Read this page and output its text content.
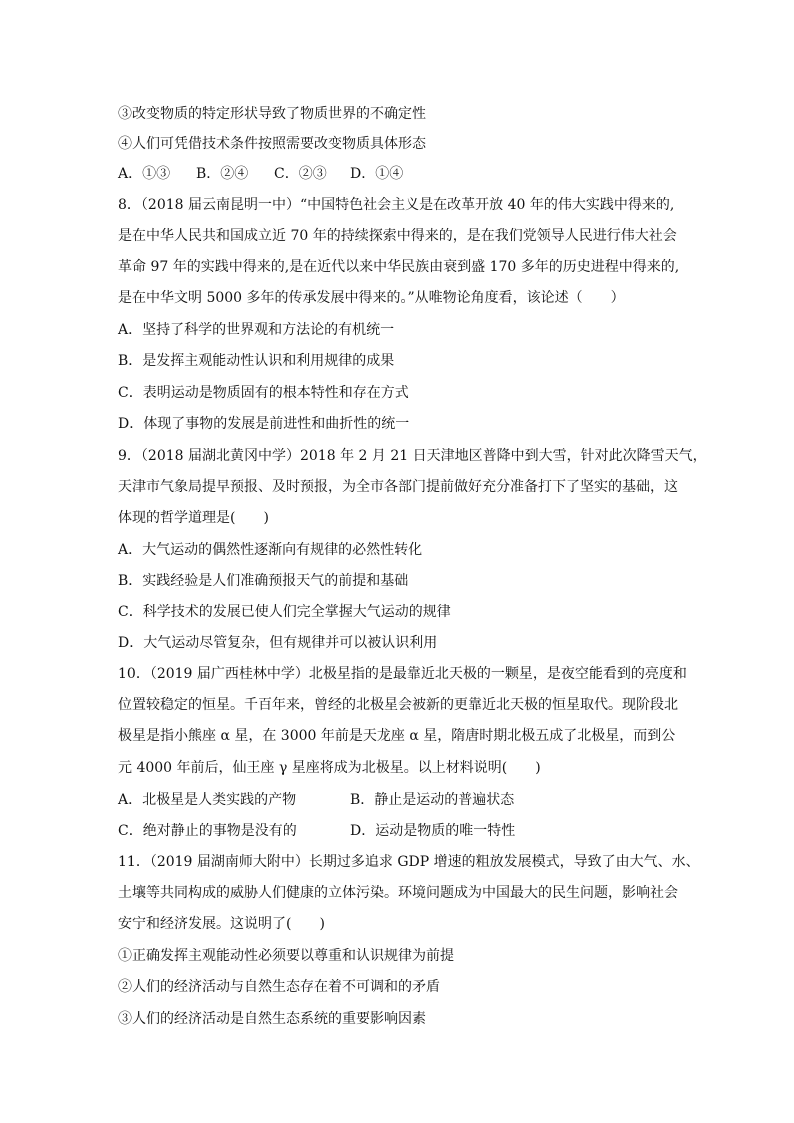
③改变物质的特定形状导致了物质世界的不确定性
④人们可凭借技术条件按照需要改变物质具体形态
A．①③ B．②④ C．②③ D．①④
8．（2018 届云南昆明一中）“中国特色社会主义是在改革开放 40 年的伟大实践中得来的,
是在中华人民共和国成立近 70 年的持续探索中得来的，是在我们党领导人民进行伟大社会
革命 97 年的实践中得来的,是在近代以来中华民族由衰到盛 170 多年的历史进程中得来的,
是在中华文明 5000 多年的传承发展中得来的。”从唯物论角度看，该论述（　　）
A．坚持了科学的世界观和方法论的有机统一
B．是发挥主观能动性认识和利用规律的成果
C．表明运动是物质固有的根本特性和存在方式
D．体现了事物的发展是前进性和曲折性的统一
9．（2018 届湖北黄冈中学）2018 年 2 月 21 日天津地区普降中到大雪，针对此次降雪天气，
天津市气象局提早预报、及时预报，为全市各部门提前做好充分准备打下了坚实的基础，这
体现的哲学道理是(　　)
A．大气运动的偶然性逐渐向有规律的必然性转化
B．实践经验是人们准确预报天气的前提和基础
C．科学技术的发展已使人们完全掌握大气运动的规律
D．大气运动尽管复杂，但有规律并可以被认识利用
10．（2019 届广西桂林中学）北极星指的是最靠近北天极的一颗星，是夜空能看到的亮度和
位置较稳定的恒星。千百年来，曾经的北极星会被新的更靠近北天极的恒星取代。现阶段北
极星是指小熊座 α 星，在 3000 年前是天龙座 α 星，隋唐时期北极五成了北极星，而到公
元 4000 年前后，仙王座 γ 星座将成为北极星。以上材料说明(　　)
A．北极星是人类实践的产物	B．静止是运动的普遍状态
C．绝对静止的事物是没有的	D．运动是物质的唯一特性
11．（2019 届湖南师大附中）长期过多追求 GDP 增速的粗放发展模式，导致了由大气、水、
土壤等共同构成的威胁人们健康的立体污染。环境问题成为中国最大的民生问题，影响社会
安宁和经济发展。这说明了(　　)
①正确发挥主观能动性必须要以尊重和认识规律为前提
②人们的经济活动与自然生态存在着不可调和的矛盾
③人们的经济活动是自然生态系统的重要影响因素
